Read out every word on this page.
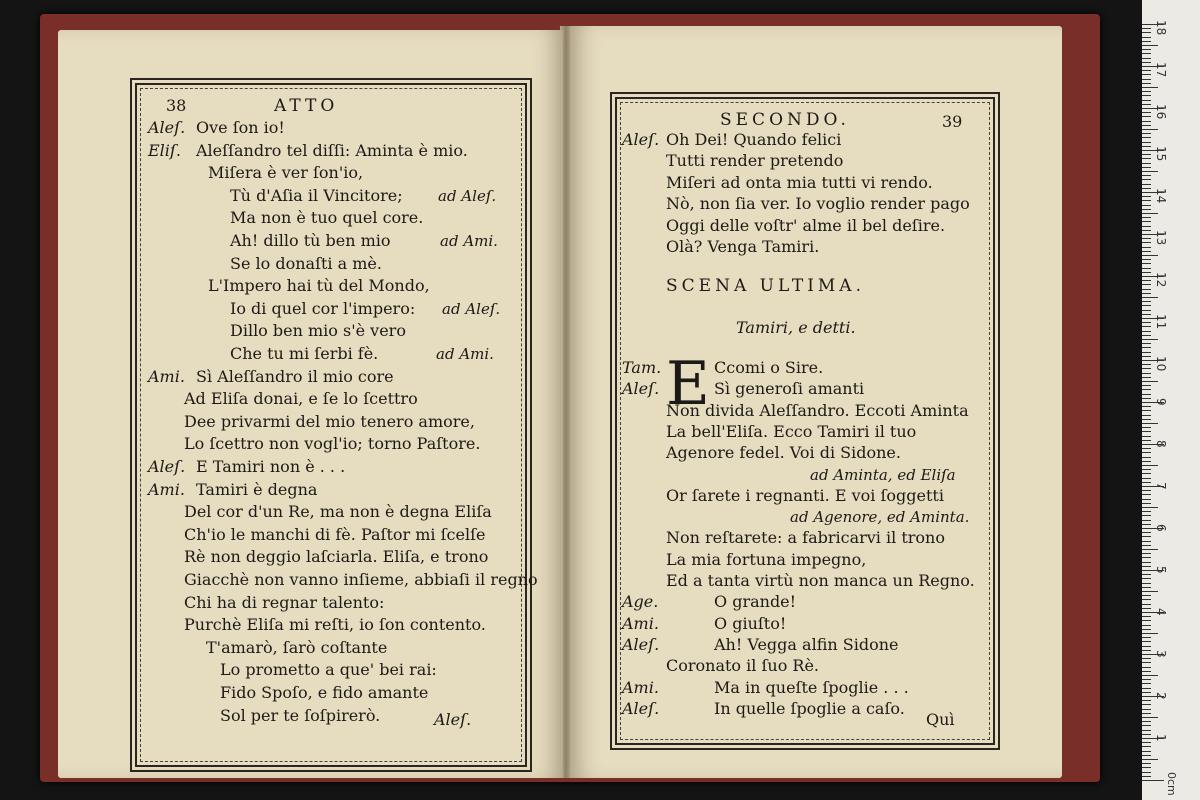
38	ATTO
Aleſ. Ove ſon io!
Eliſ. Aleſſandro tel diſſi: Aminta è mio.
Miſera è ver ſon'io,
Tù d'Aſia il Vincitore; ad Aleſ.
Ma non è tuo quel core.
Ah! dillo tù ben mio	ad Ami.
Se lo donaſti a mè.
L'Impero hai tù del Mondo,
Io di quel cor l'impero: ad Aleſ.
Dillo ben mio s'è vero
Che tu mi ſerbi fè.	ad Ami.
Ami. Sì Aleſſandro il mio core
Ad Eliſa donai, e ſe lo ſcettro
Dee privarmi del mio tenero amore,
Lo ſcettro non vogl'io; torno Paſtore.
Aleſ. E Tamiri non è . . .
Ami. Tamiri è degna
Del cor d'un Re, ma non è degna Eliſa
Ch'io le manchi di fè. Paſtor mi ſcelſe
Rè non deggio laſciarla. Eliſa, e trono
Giacchè non vanno inſieme, abbiaſi il regno
Chi ha di regnar talento:
Purchè Eliſa mi reſti, io ſon contento.
T'amarò, ſarò coſtante
Lo prometto a que' bei rai:
Fido Spoſo, e fido amante
Sol per te ſoſpirerò.	Aleſ.
SECONDO.	39
Aleſ. Oh Dei! Quando felici
Tutti render pretendo
Miſeri ad onta mia tutti vi rendo.
Nò, non ſia ver. Io voglio render pago
Oggi delle voſtr' alme il bel deſire.
Olà? Venga Tamiri.
SCENA ULTIMA.
Tamiri, e detti.
E
Tam.	Ccomi o Sire.
Aleſ.	Sì generoſi amanti
Non divida Aleſſandro. Eccoti Aminta
La bell'Eliſa. Ecco Tamiri il tuo
Agenore fedel. Voi di Sidone.
ad Aminta, ed Eliſa
Or ſarete i regnanti. E voi ſoggetti
ad Agenore, ed Aminta.
Non reſtarete: a fabricarvi il trono
La mia fortuna impegno,
Ed a tanta virtù non manca un Regno.
Age.	O grande!
Ami.	O giuſto!
Aleſ.	Ah! Vegga alfin Sidone
Coronato il ſuo Rè.
Ami.	Ma in queſte ſpoglie . . .
Aleſ.	In quelle ſpoglie a caſo.
Quì
1
2
3
4
5
6
7
8
9
10
11
12
13
14
15
16
17
18
0cm
